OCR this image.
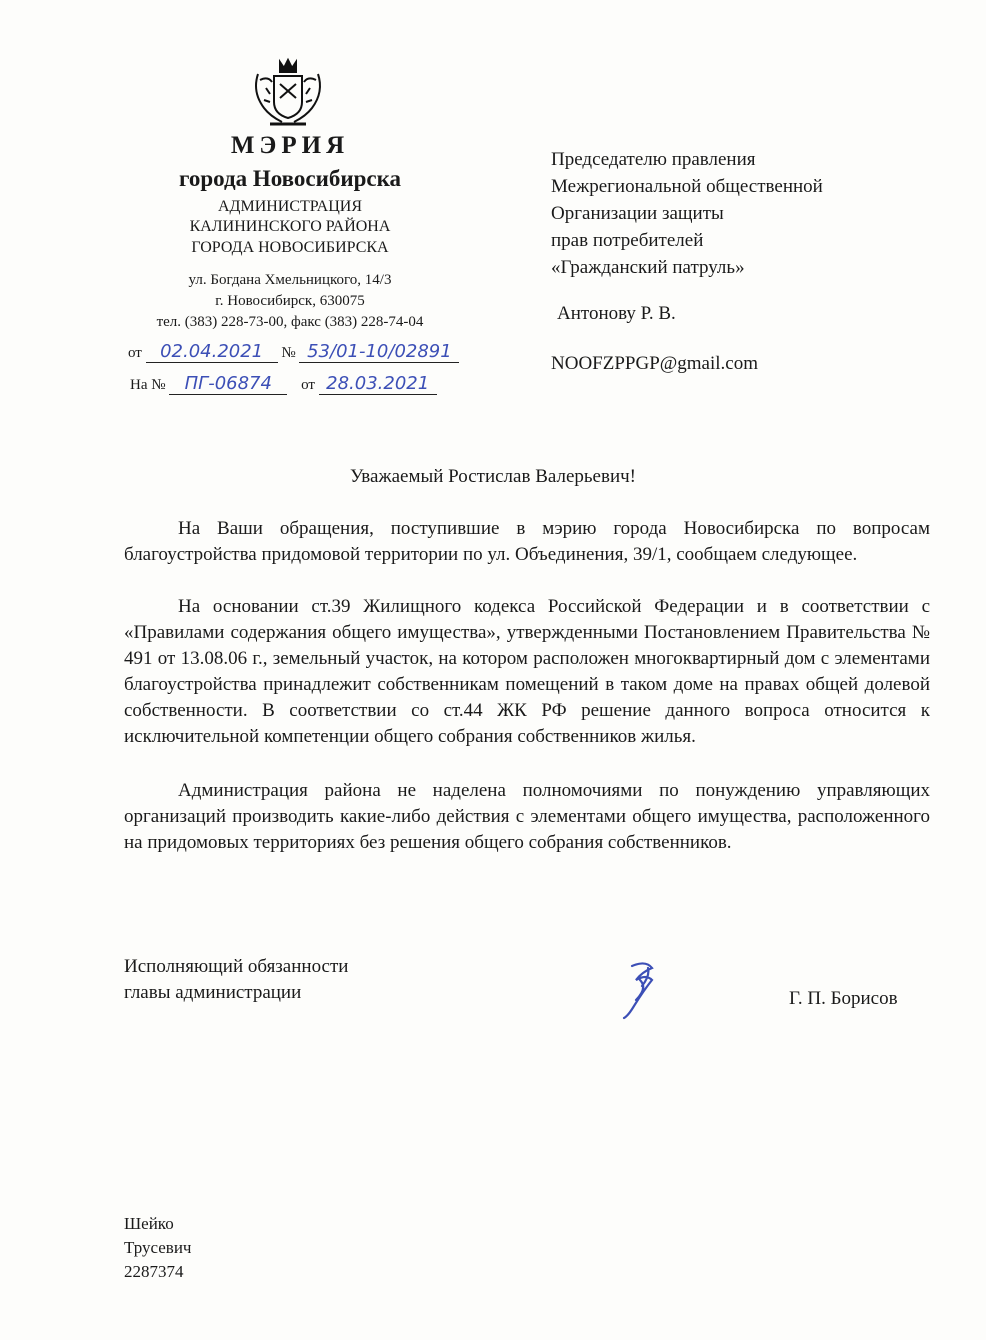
МЭРИЯ
города Новосибирска
АДМИНИСТРАЦИЯ
КАЛИНИНСКОГО РАЙОНА
ГОРОДА НОВОСИБИРСКА
ул. Богдана Хмельницкого, 14/3
г. Новосибирск, 630075
тел. (383) 228-73-00, факс (383) 228-74-04
от 02.04.2021 № 53/01-10/02891
На № ПГ-06874 от 28.03.2021
Председателю правления
Межрегиональной общественной
Организации защиты
прав потребителей
«Гражданский патруль»
Антонову Р. В.
NOOFZPPGP@gmail.com
Уважаемый Ростислав Валерьевич!
На Ваши обращения, поступившие в мэрию города Новосибирска по вопросам благоустройства придомовой территории по ул. Объединения, 39/1, сообщаем следующее.
На основании ст.39 Жилищного кодекса Российской Федерации и в соответствии с «Правилами содержания общего имущества», утвержденными Постановлением Правительства № 491 от 13.08.06 г., земельный участок, на котором расположен многоквартирный дом с элементами благоустройства принадлежит собственникам помещений в таком доме на правах общей долевой собственности. В соответствии со ст.44 ЖК РФ решение данного вопроса относится к исключительной компетенции общего собрания собственников жилья.
Администрация района не наделена полномочиями по понуждению управляющих организаций производить какие-либо действия с элементами общего имущества, расположенного на придомовых территориях без решения общего собрания собственников.
Исполняющий обязанности
главы администрации	Г. П. Борисов
Шейко
Трусевич
2287374
